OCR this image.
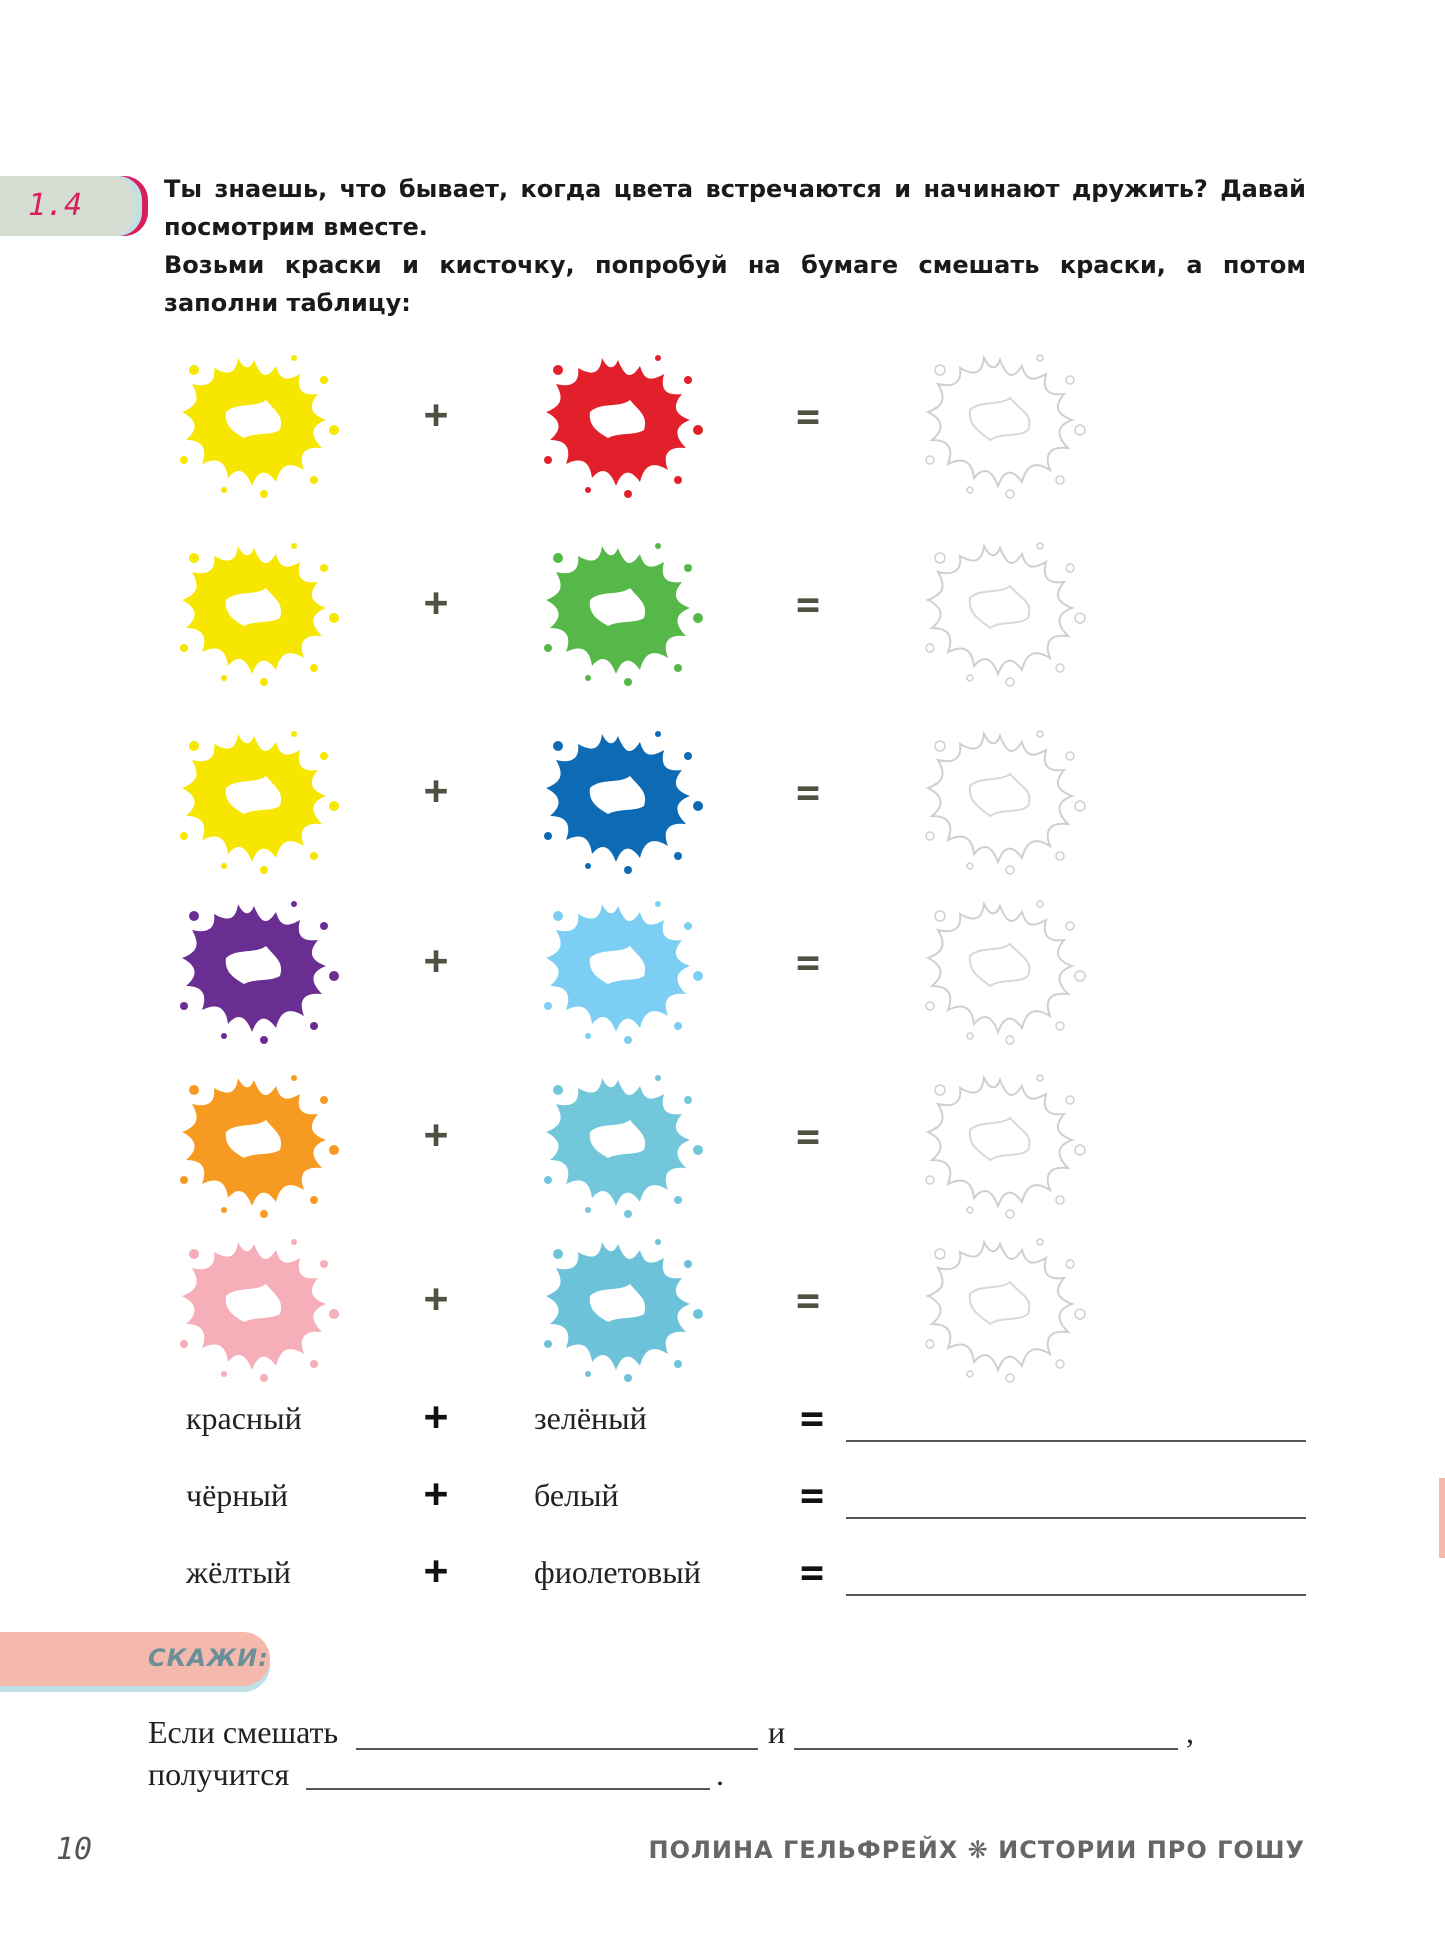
1.4	Ты знаешь, что бывает, когда цвета встречаются и начинают дружить? Давай посмотрим вместе.

Возьми краски и кисточку, попробуй на бумаге смешать краски, а потом заполни таблицу:

+	=
+	=
+	=
+	=
+	=
+	=
красный	+	зелёный	=
чёрный	+	белый	=
жёлтый	+	фиолетовый =
СКАЖИ:
Если смешать	и	,
получится	.
10	ПОЛИНА ГЕЛЬФРЕЙХ ❋ ИСТОРИИ ПРО ГОШУ
